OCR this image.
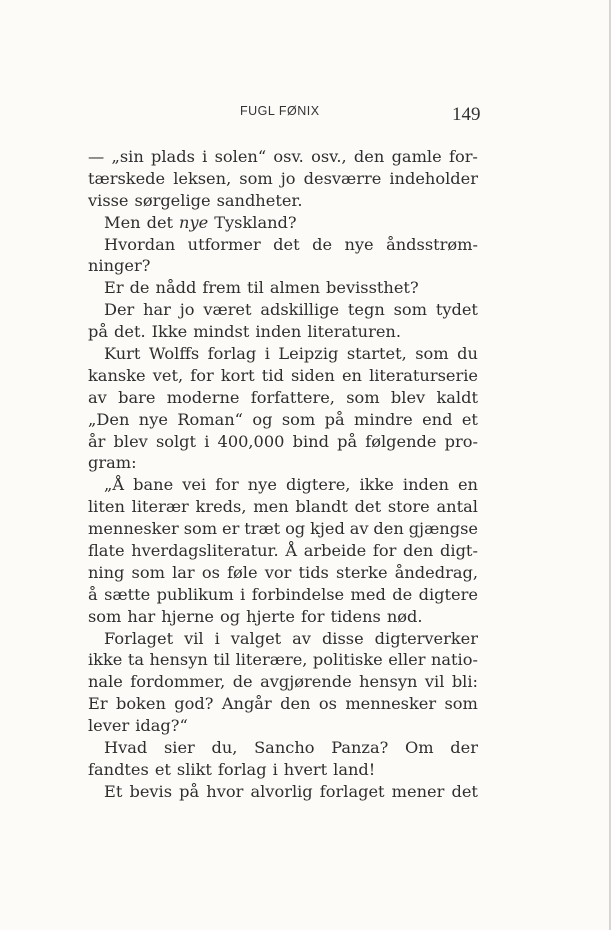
FUGL FØNIX	149
— „sin plads i solen“ osv. osv., den gamle for-
tærskede leksen, som jo desværre indeholder
visse sørgelige sandheter.
Men det nye Tyskland?
Hvordan utformer det de nye åndsstrøm-
ninger?
Er de nådd frem til almen bevissthet?
Der har jo været adskillige tegn som tydet
på det. Ikke mindst inden literaturen.
Kurt Wolffs forlag i Leipzig startet, som du
kanske vet, for kort tid siden en literaturserie
av bare moderne forfattere, som blev kaldt
„Den nye Roman“ og som på mindre end et
år blev solgt i 400,000 bind på følgende pro-
gram:
„Å bane vei for nye digtere, ikke inden en
liten literær kreds, men blandt det store antal
mennesker som er træt og kjed av den gjængse
flate hverdagsliteratur. Å arbeide for den digt-
ning som lar os føle vor tids sterke åndedrag,
å sætte publikum i forbindelse med de digtere
som har hjerne og hjerte for tidens nød.
Forlaget vil i valget av disse digterverker
ikke ta hensyn til literære, politiske eller natio-
nale fordommer, de avgjørende hensyn vil bli:
Er boken god? Angår den os mennesker som
lever idag?“
Hvad sier du, Sancho Panza? Om der
fandtes et slikt forlag i hvert land!
Et bevis på hvor alvorlig forlaget mener det
